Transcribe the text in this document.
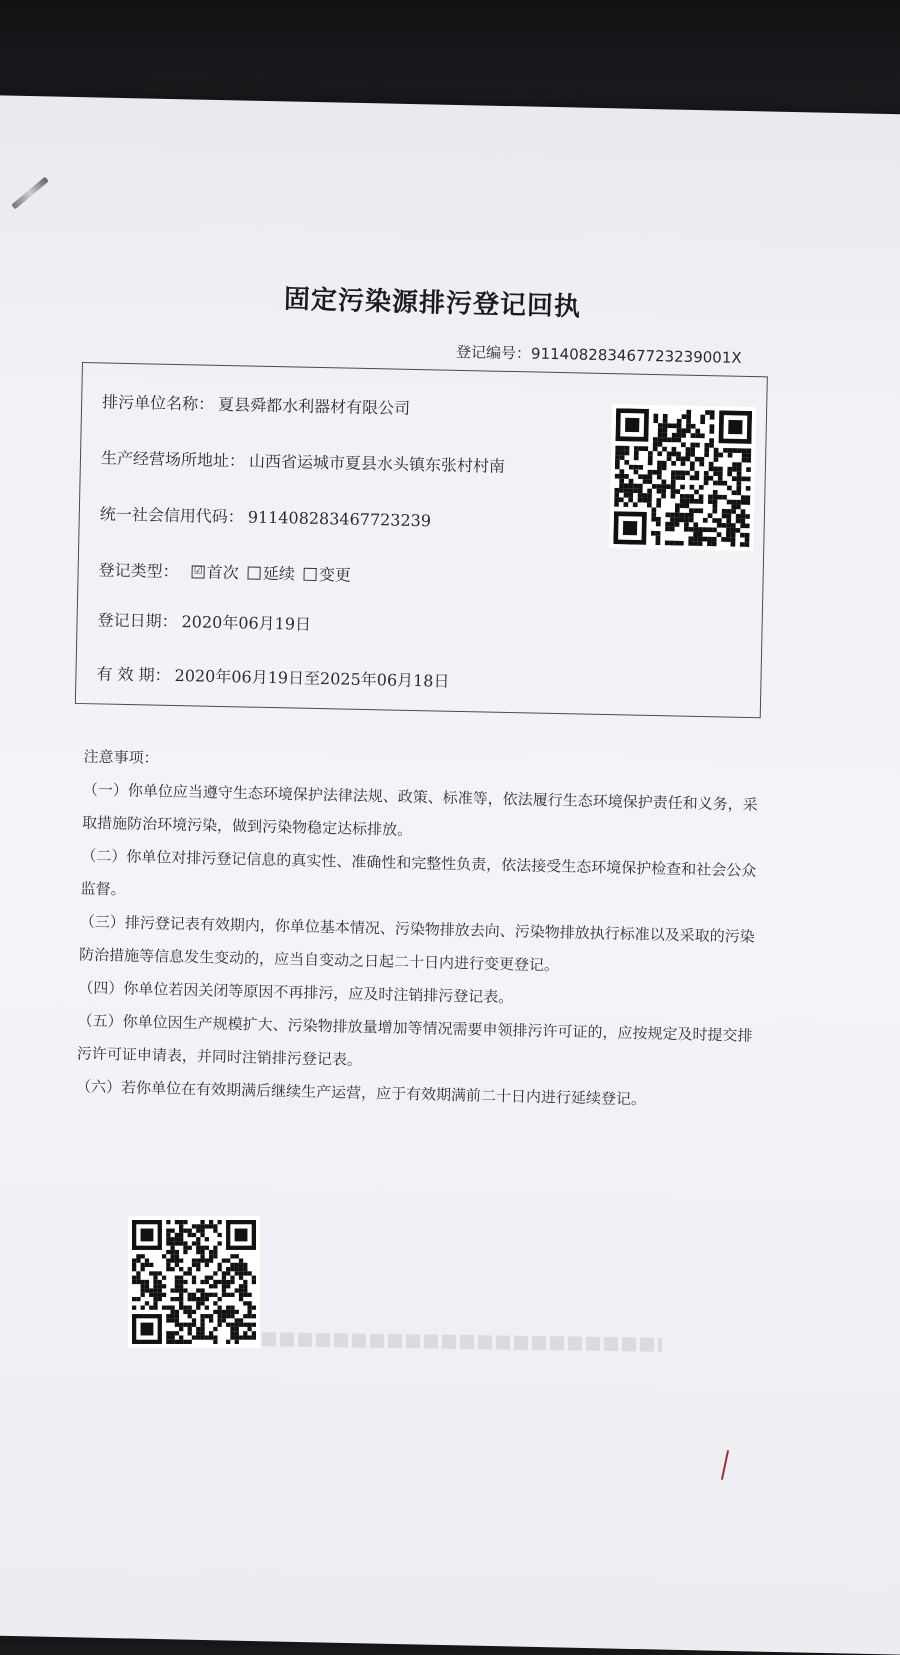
固定污染源排污登记回执
登记编号：91140828346772323900​1X
排污单位名称： 夏县舜都水利器材有限公司
生产经营场所地址： 山西省运城市夏县水头镇东张村村南
统一社会信用代码： 911408283467723239
登记类型： ☑ 首次 延续 变更
登记日期： 2020年06月19日
有 效 期： 2020年06月19日至2025年06月18日

注意事项：

（一）你单位应当遵守生态环境保护法律法规、政策、标准等，依法履行生态环境保护责任和义务，采取措施防治环境污染，做到污染物稳定达标排放。

（二）你单位对排污登记信息的真实性、准确性和完整性负责，依法接受生态环境保护检查和社会公众监督。

（三）排污登记表有效期内，你单位基本情况、污染物排放去向、污染物排放执行标准以及采取的污染防治措施等信息发生变动的，应当自变动之日起二十日内进行变更登记。

（四）你单位若因关闭等原因不再排污，应及时注销排污登记表。

（五）你单位因生产规模扩大、污染物排放量增加等情况需要申领排污许可证的，应按规定及时提交排污许可证申请表，并同时注销排污登记表。

（六）若你单位在有效期满后继续生产运营，应于有效期满前二十日内进行延续登记。
